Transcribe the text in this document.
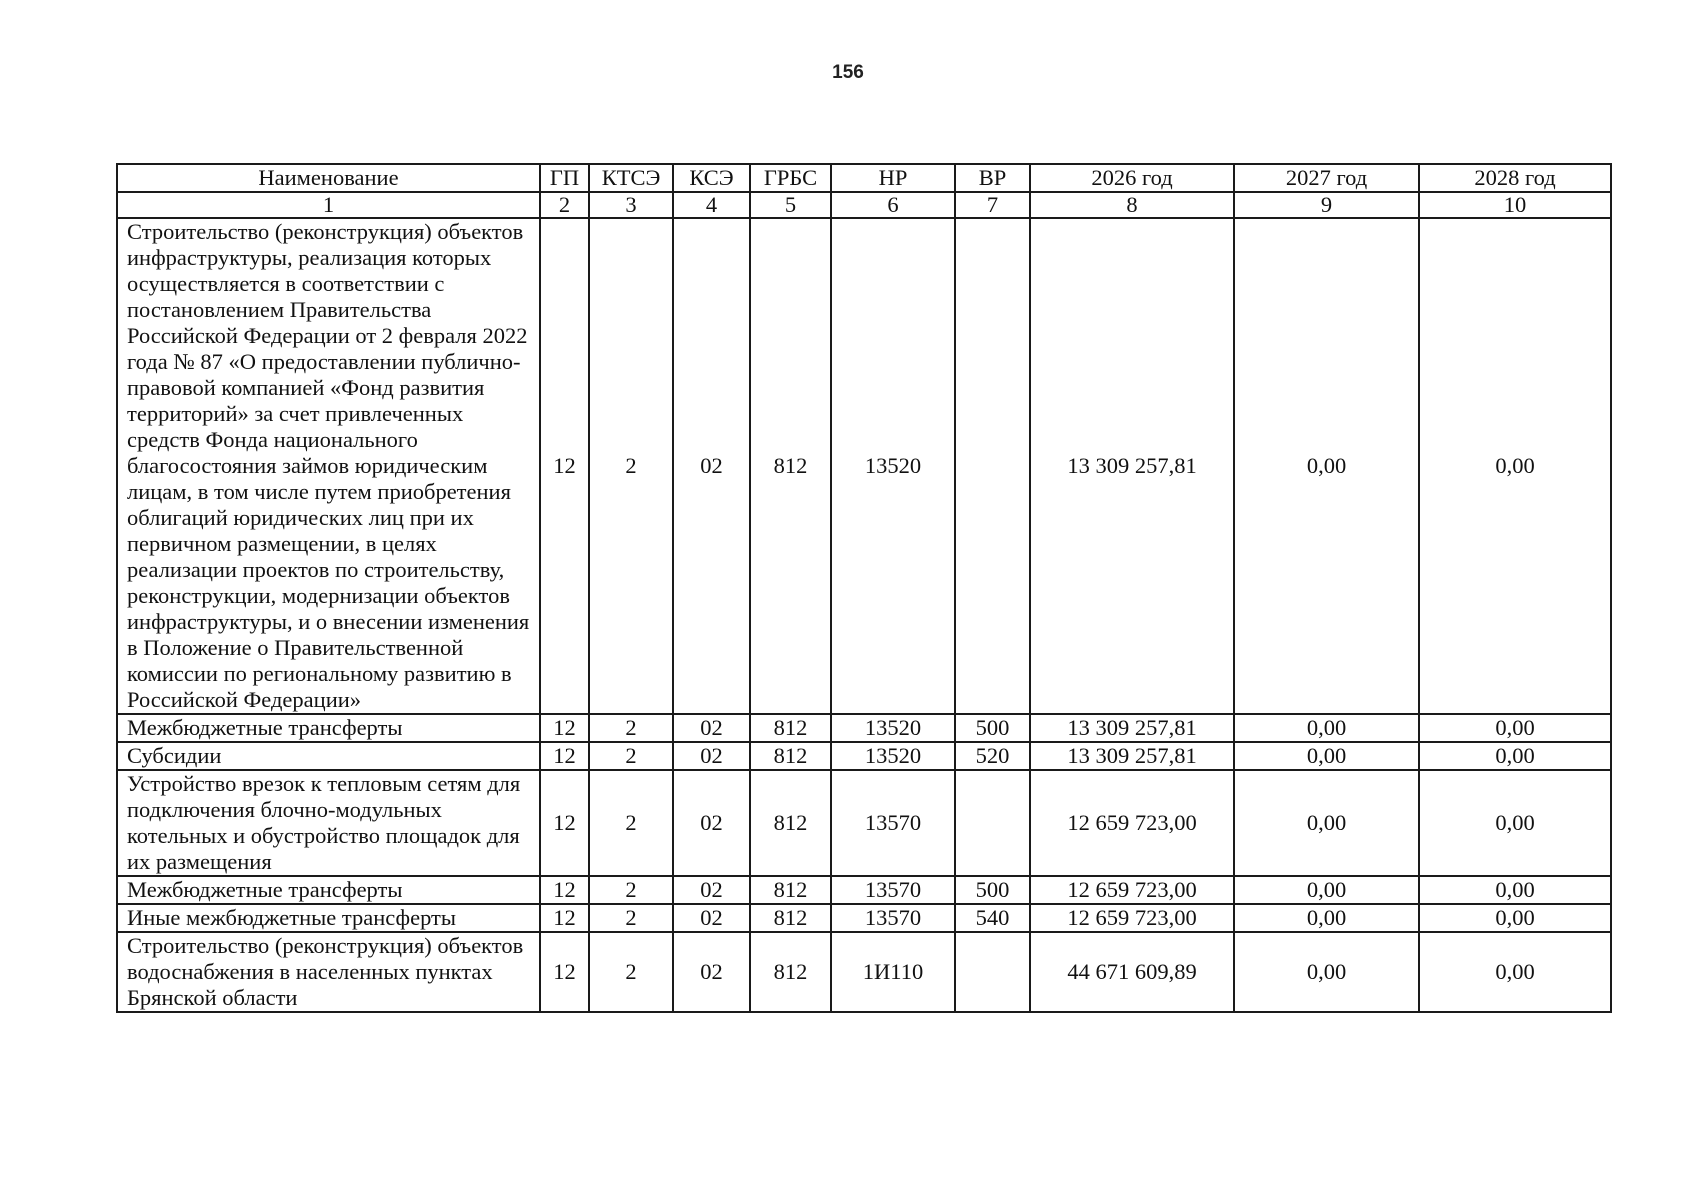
156
Наименование	ГП	КТСЭ	КСЭ	ГРБС	НР	ВР	2026 год	2027 год	2028 год
1	2	3	4	5	6	7	8	9	10
Строительство (реконструкция) объектов инфраструктуры, реализация которых осуществляется в соответствии с постановлением Правительства Российской Федерации от 2 февраля 2022 года № 87 «О предоставлении публично-правовой компанией «Фонд развития территорий» за счет привлеченных средств Фонда национального благосостояния займов юридическим лицам, в том числе путем приобретения облигаций юридических лиц при их первичном размещении, в целях реализации проектов по строительству, реконструкции, модернизации объектов инфраструктуры, и о внесении изменения в Положение о Правительственной комиссии по региональному развитию в Российской Федерации»	12	2	02	812	13520		13 309 257,81	0,00	0,00
Межбюджетные трансферты	12	2	02	812	13520	500	13 309 257,81	0,00	0,00
Субсидии	12	2	02	812	13520	520	13 309 257,81	0,00	0,00
Устройство врезок к тепловым сетям для подключения блочно-модульных котельных и обустройство площадок для их размещения	12	2	02	812	13570		12 659 723,00	0,00	0,00
Межбюджетные трансферты	12	2	02	812	13570	500	12 659 723,00	0,00	0,00
Иные межбюджетные трансферты	12	2	02	812	13570	540	12 659 723,00	0,00	0,00
Строительство (реконструкция) объектов водоснабжения в населенных пунктах Брянской области	12	2	02	812	1И110		44 671 609,89	0,00	0,00
